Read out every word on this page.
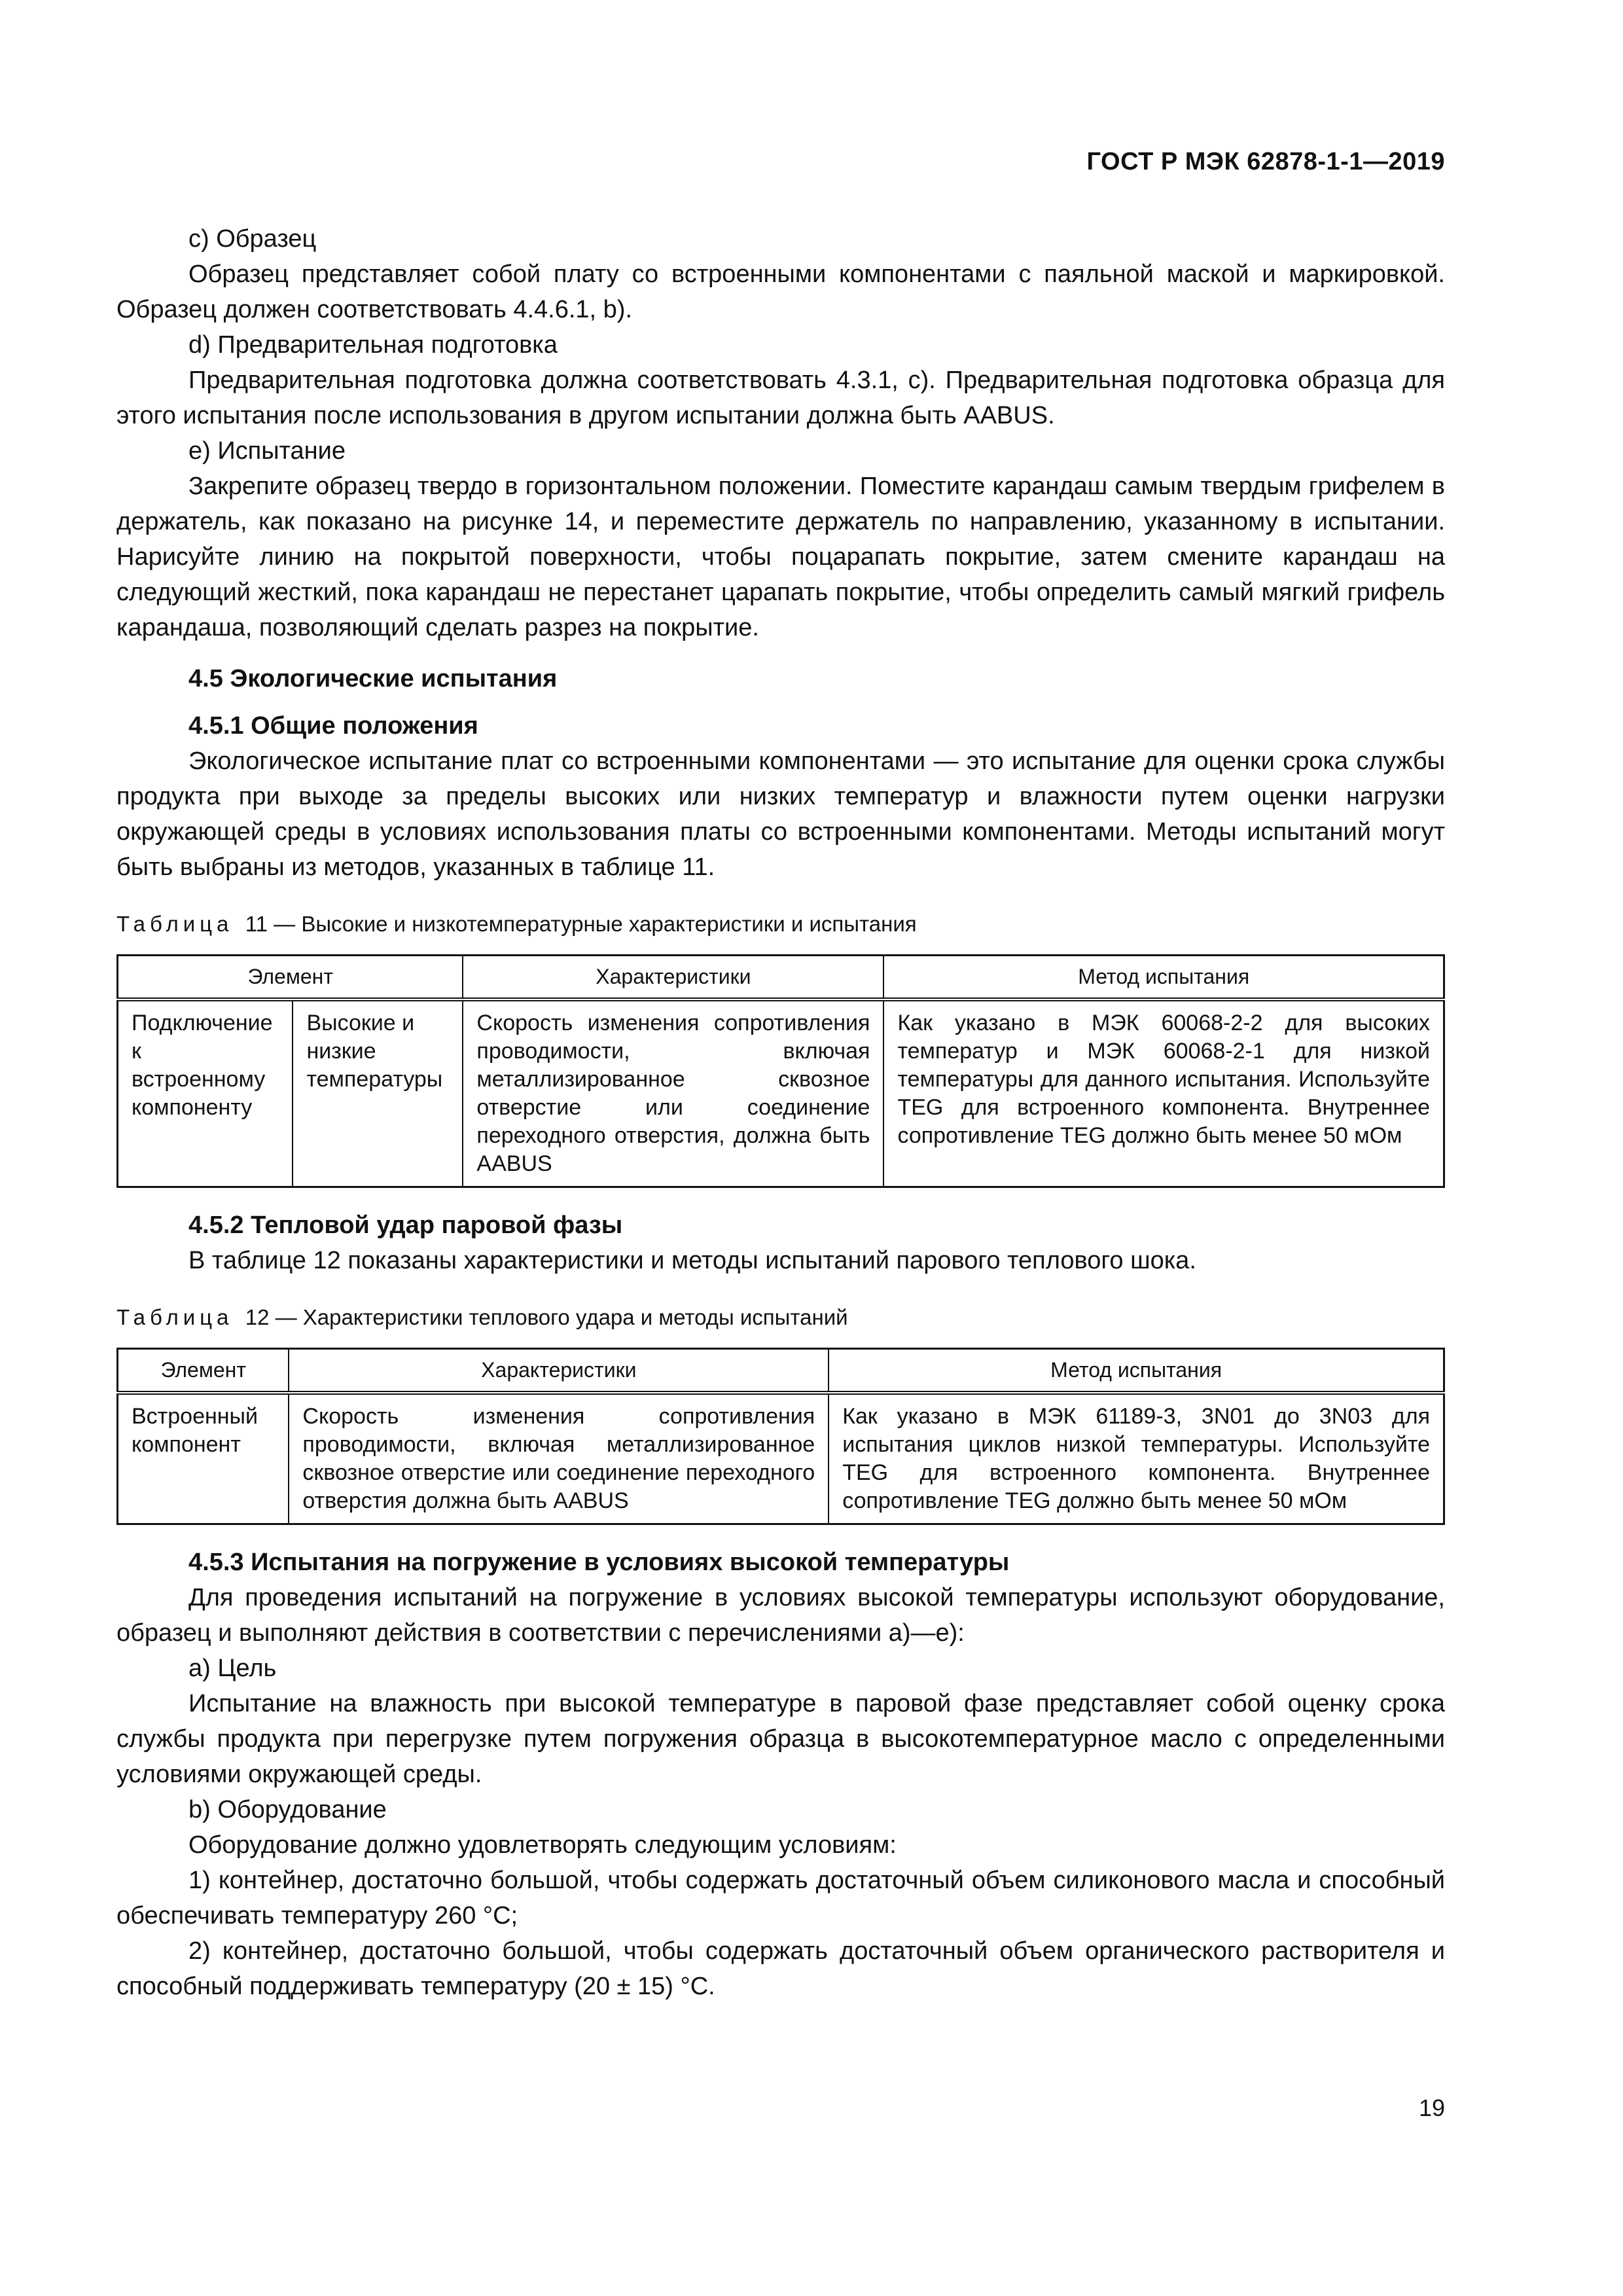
ГОСТ Р МЭК 62878-1-1—2019

c) Образец

Образец представляет собой плату со встроенными компонентами с паяльной маской и маркировкой. Образец должен соответствовать 4.4.6.1, b).

d) Предварительная подготовка

Предварительная подготовка должна соответствовать 4.3.1, c). Предварительная подготовка образца для этого испытания после использования в другом испытании должна быть AABUS.

e) Испытание

Закрепите образец твердо в горизонтальном положении. Поместите карандаш самым твердым грифелем в держатель, как показано на рисунке 14, и переместите держатель по направлению, указанному в испытании. Нарисуйте линию на покрытой поверхности, чтобы поцарапать покрытие, затем смените карандаш на следующий жесткий, пока карандаш не перестанет царапать покрытие, чтобы определить самый мягкий грифель карандаша, позволяющий сделать разрез на покрытие.

4.5 Экологические испытания

4.5.1 Общие положения

Экологическое испытание плат со встроенными компонентами — это испытание для оценки срока службы продукта при выходе за пределы высоких или низких температур и влажности путем оценки нагрузки окружающей среды в условиях использования платы со встроенными компонентами. Методы испытаний могут быть выбраны из методов, указанных в таблице 11.

Таблица 11 — Высокие и низкотемпературные характеристики и испытания
Элемент		Характеристики	Метод испытания
Подключение к встроенному компоненту	Высокие и низкие температуры	Скорость изменения сопротивления проводимости, включая металлизированное сквозное отверстие или соединение переходного отверстия, должна быть AABUS	Как указано в МЭК 60068-2-2 для высоких температур и МЭК 60068-2-1 для низкой температуры для данного испытания. Используйте TEG для встроенного компонента. Внутреннее сопротивление TEG должно быть менее 50 мОм

4.5.2 Тепловой удар паровой фазы

В таблице 12 показаны характеристики и методы испытаний парового теплового шока.

Таблица 12 — Характеристики теплового удара и методы испытаний
Элемент	Характеристики	Метод испытания
Встроенный компонент	Скорость изменения сопротивления проводимости, включая металлизированное сквозное отверстие или соединение переходного отверстия должна быть AABUS	Как указано в МЭК 61189-3, 3N01 до 3N03 для испытания циклов низкой температуры. Используйте TEG для встроенного компонента. Внутреннее сопротивление TEG должно быть менее 50 мОм

4.5.3 Испытания на погружение в условиях высокой температуры

Для проведения испытаний на погружение в условиях высокой температуры используют оборудование, образец и выполняют действия в соответствии с перечислениями а)—е):

a) Цель

Испытание на влажность при высокой температуре в паровой фазе представляет собой оценку срока службы продукта при перегрузке путем погружения образца в высокотемпературное масло с определенными условиями окружающей среды.

b) Оборудование

Оборудование должно удовлетворять следующим условиям:

1) контейнер, достаточно большой, чтобы содержать достаточный объем силиконового масла и способный обеспечивать температуру 260 °C;

2) контейнер, достаточно большой, чтобы содержать достаточный объем органического растворителя и способный поддерживать температуру (20 ± 15) °C.

19
